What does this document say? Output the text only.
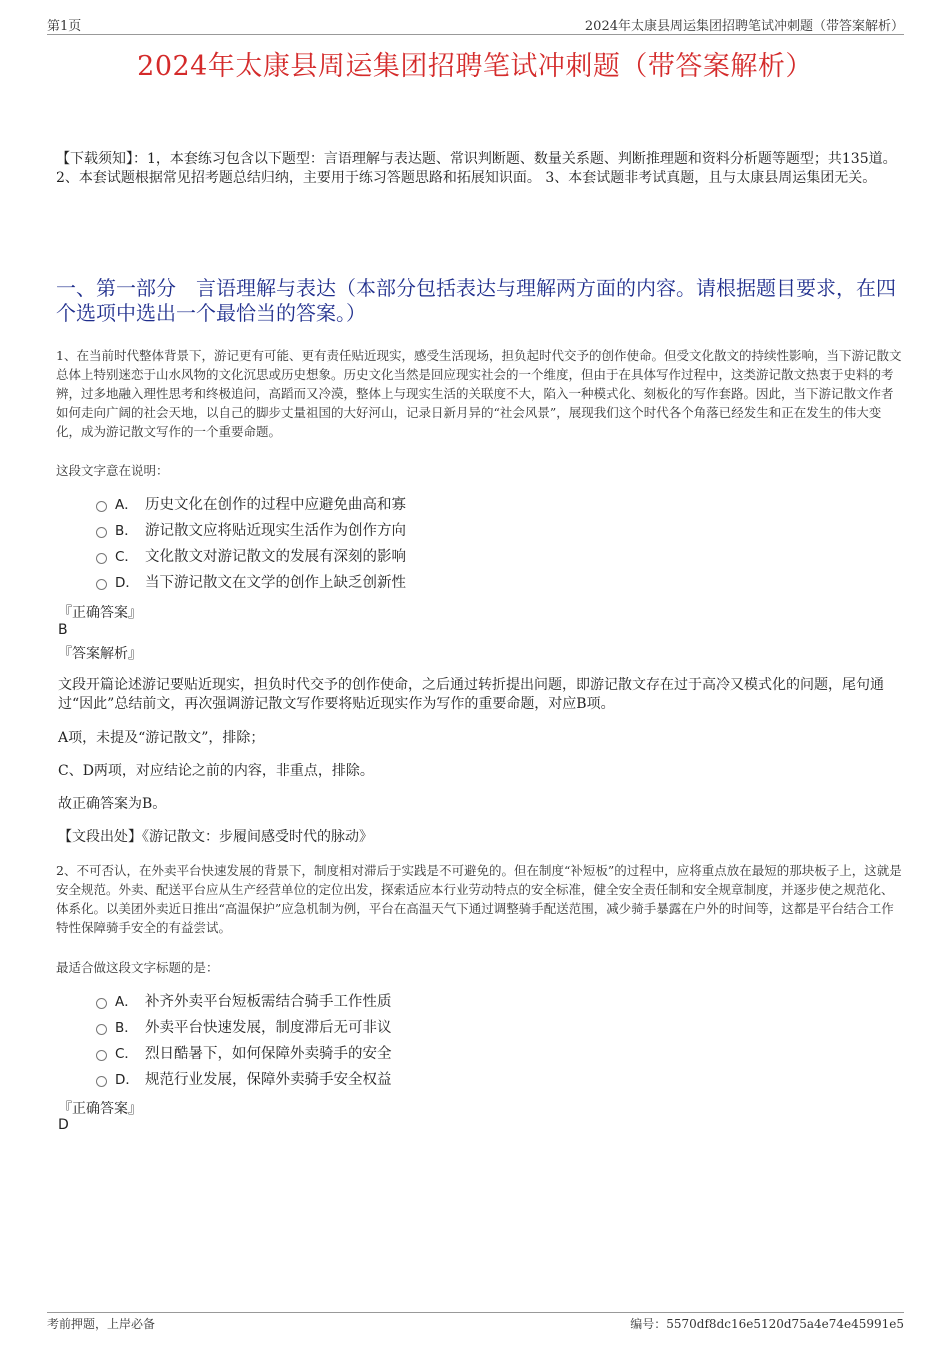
第1页	2024年太康县周运集团招聘笔试冲刺题（带答案解析）
2024年太康县周运集团招聘笔试冲刺题（带答案解析）
【下载须知】：1，本套练习包含以下题型：言语理解与表达题、常识判断题、数量关系题、判断推理题和资料分析题等题型；共135道。 2、本套试题根据常见招考题总结归纳，主要用于练习答题思路和拓展知识面。 3、本套试题非考试真题，且与太康县周运集团无关。
一、第一部分　言语理解与表达（本部分包括表达与理解两方面的内容。请根据题目要求，在四个选项中选出一个最恰当的答案。）
1、在当前时代整体背景下，游记更有可能、更有责任贴近现实，感受生活现场，担负起时代交予的创作使命。但受文化散文的持续性影响，当下游记散文总体上特别迷恋于山水风物的文化沉思或历史想象。历史文化当然是回应现实社会的一个维度，但由于在具体写作过程中，这类游记散文热衷于史料的考辨，过多地融入理性思考和终极追问，高蹈而又冷漠，整体上与现实生活的关联度不大，陷入一种模式化、刻板化的写作套路。因此，当下游记散文作者如何走向广阔的社会天地，以自己的脚步丈量祖国的大好河山，记录日新月异的“社会风景”，展现我们这个时代各个角落已经发生和正在发生的伟大变化，成为游记散文写作的一个重要命题。
这段文字意在说明：
A． 历史文化在创作的过程中应避免曲高和寡
B． 游记散文应将贴近现实生活作为创作方向
C． 文化散文对游记散文的发展有深刻的影响
D． 当下游记散文在文学的创作上缺乏创新性
『正确答案』
B
『答案解析』
文段开篇论述游记要贴近现实，担负时代交予的创作使命，之后通过转折提出问题，即游记散文存在过于高冷又模式化的问题，尾句通过“因此”总结前文，再次强调游记散文写作要将贴近现实作为写作的重要命题，对应B项。
A项，未提及“游记散文”，排除；
C、D两项，对应结论之前的内容，非重点，排除。
故正确答案为B。
【文段出处】《游记散文：步履间感受时代的脉动》
2、不可否认，在外卖平台快速发展的背景下，制度相对滞后于实践是不可避免的。但在制度“补短板”的过程中，应将重点放在最短的那块板子上，这就是安全规范。外卖、配送平台应从生产经营单位的定位出发，探索适应本行业劳动特点的安全标准，健全安全责任制和安全规章制度，并逐步使之规范化、体系化。以美团外卖近日推出“高温保护”应急机制为例，平台在高温天气下通过调整骑手配送范围，减少骑手暴露在户外的时间等，这都是平台结合工作特性保障骑手安全的有益尝试。
最适合做这段文字标题的是：
A． 补齐外卖平台短板需结合骑手工作性质
B． 外卖平台快速发展，制度滞后无可非议
C． 烈日酷暑下，如何保障外卖骑手的安全
D． 规范行业发展，保障外卖骑手安全权益
『正确答案』
D
考前押题，上岸必备	编号：5570df8dc16e5120d75a4e74e45991e5
